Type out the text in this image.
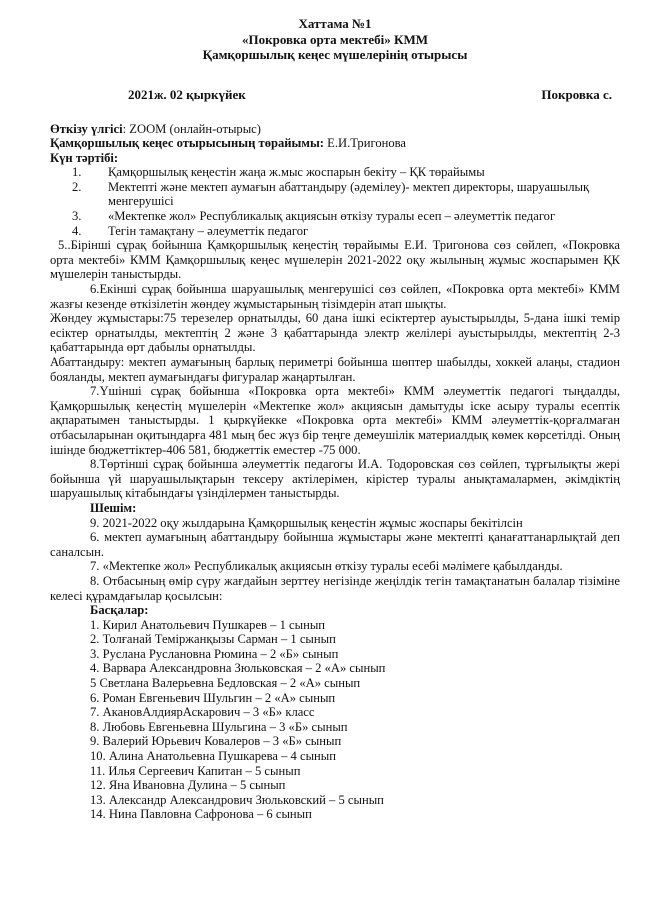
Хаттама №1
«Покровка орта мектебі» КММ
Қамқоршылық кеңес мүшелерінің отырысы
2021ж. 02 қыркүйек	Покровка с.
Өткізу үлгісі: ZOOM (онлайн-отырыс)
Қамқоршылық кеңес отырысының төрайымы: Е.И.Тригонова
Күн тәртібі:
1. Қамқоршылық кеңестін жаңа ж.мыс жоспарын бекіту – ҚК төрайымы
2. Мектепті және мектеп аумағын абаттандыру (әдемілеу)- мектеп директоры, шаруашылық менгерушісі
3. «Мектепке жол» Республикалық акциясын өткізу туралы есеп – әлеуметтік педагог
4. Тегін тамақтану – әлеуметтік педагог

5..Бірінші сұрақ бойынша Қамқоршылық кеңестің төрайымы Е.И. Тригонова сөз сөйлеп, «Покровка орта мектебі» КММ Қамқоршылық кеңес мүшелерін 2021-2022 оқу жылының жұмыс жоспарымен ҚК мүшелерін таныстырды.

6.Екінші сұрақ бойынша шаруашылық менгерушісі сөз сөйлеп, «Покровка орта мектебі» КММ жазғы кезенде өткізілетін жөндеу жұмыстарының тізімдерін атап шықты.

Жөндеу жұмыстары:75 терезелер орнатылды, 60 дана ішкі есіктертер ауыстырылды, 5-дана ішкі темір есіктер орнатылды, мектептің 2 және 3 қабаттарында электр желілері ауыстырылды, мектептің 2-3 қабаттарында өрт дабылы орнатылды.

Абаттандыру: мектеп аумағының барлық периметрі бойынша шөптер шабылды, хоккей алаңы, стадион бояланды, мектеп аумағындағы фигуралар жаңартылған.

7.Үшінші сұрақ бойынша «Покровка орта мектебі» КММ әлеуметтік педагогі тыңдалды, Қамқоршылық кеңестің мүшелерін «Мектепке жол» акциясын дамытуды іске асыру туралы есептік ақпаратымен таныстырды. 1 қыркүйекке «Покровка орта мектебі» КММ әлеуметтік-қорғалмаған отбасыларынан оқитындарға 481 мың бес жүз бір теңге демеушілік материалдық көмек көрсетілді. Оның ішінде бюджеттіктер-406 581, бюджеттік еместер -75 000.

8.Төртінші сұрақ бойынша әлеуметтік педагогы И.А. Тодоровская сөз сөйлеп, тұрғылықты жері бойынша үй шаруашылықтарын тексеру актілерімен, кірістер туралы анықтамалармен, әкімдіктің шаруашылық кітабындағы үзінділермен таныстырды.

Шешім:

9. 2021-2022 оқу жылдарына Қамқоршылық кеңестін жұмыс жоспары бекітілсін

6. мектеп аумағының абаттандыру бойынша жұмыстары және мектепті қанағаттанарлықтай деп саналсын.

7. «Мектепке жол» Республикалық акциясын өткізу туралы есебі мәлімеге қабылданды.

8. Отбасының өмір сүру жағдайын зерттеу негізінде жеңілдік тегін тамақтанатын балалар тізіміне келесі құрамдағылар қосылсын:

Басқалар:
1. Кирил Анатольевич Пушкарев – 1 сынып
2. Толғанай Теміржанқызы Сарман – 1 сынып
3. Руслана Руслановна Рюмина – 2 «Б» сынып
4. Варвара Александровна Зюльковская – 2 «А» сынып
5 Светлана Валерьевна Бедловская – 2 «А» сынып
6. Роман Евгеньевич Шульгин – 2 «А» сынып
7. АкановАлдиярАскарович – 3 «Б» класс
8. Любовь Евгеньевна Шульгина – 3 «Б» сынып
9. Валерий Юрьевич Ковалеров – 3 «Б» сынып
10. Алина Анатольевна Пушкарева – 4 сынып
11. Илья Сергеевич Капитан – 5 сынып
12. Яна Ивановна Дулина – 5 сынып
13. Александр Александрович Зюльковский – 5 сынып
14. Нина Павловна Сафронова – 6 сынып
